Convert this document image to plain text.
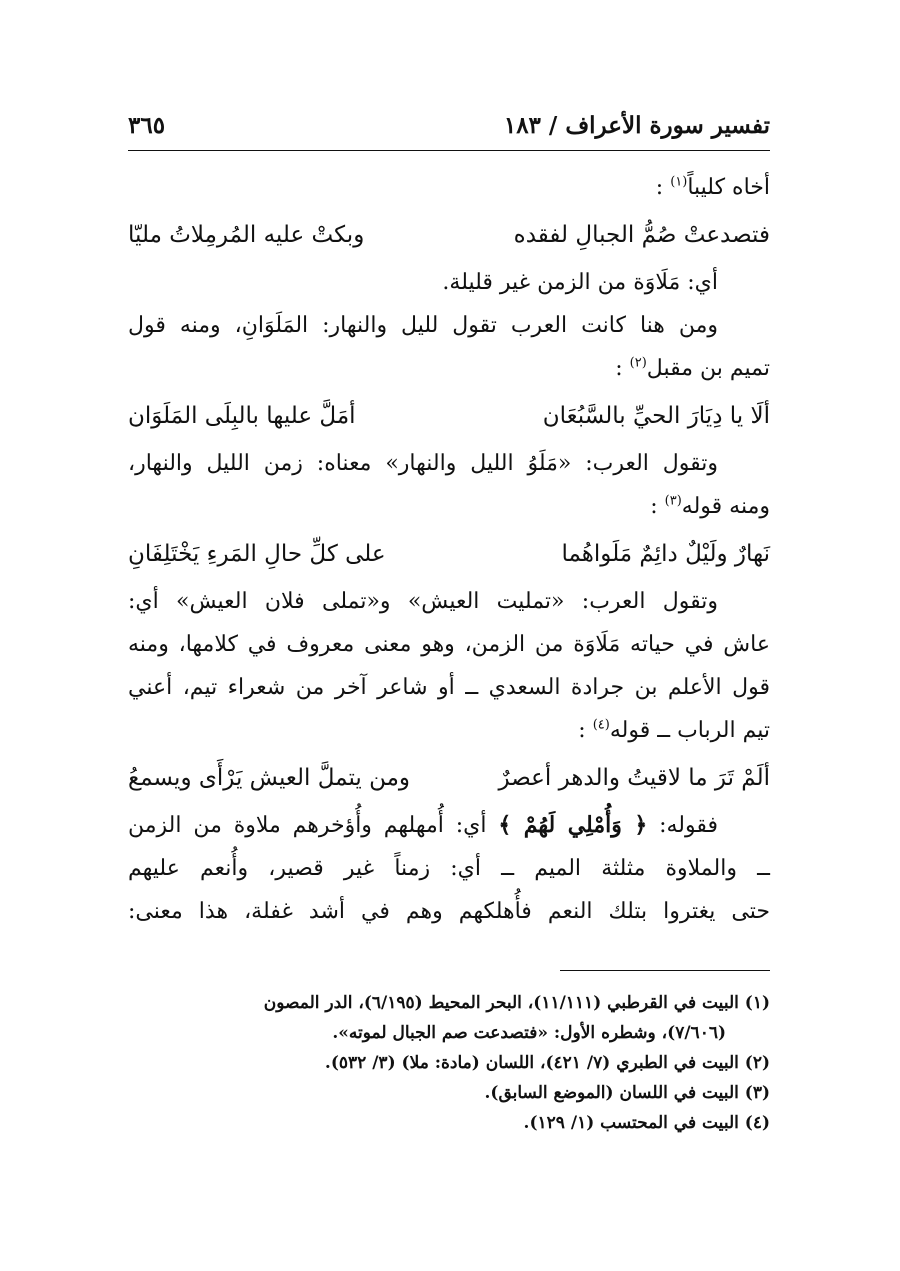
تفسير سورة الأعراف / ١٨٣
٣٦٥
أخاه كليباً$^{(١)}$ :
فتصدعتْ صُمُّ الجبالِ لفقده
وبكتْ عليه المُرمِلاتُ مليّا
أي: مَلَاوَة من الزمن غير قليلة.
ومن هنا كانت العرب تقول لليل والنهار: المَلَوَانِ، ومنه قول
تميم بن مقبل$^{(٢)}$ :
ألَا يا دِيَارَ الحيِّ بالسَّبُعَان
أمَلَّ عليها بالبِلَى المَلَوَان
وتقول العرب: «مَلَوُ الليل والنهار» معناه: زمن الليل والنهار،
ومنه قوله$^{(٣)}$ :
نَهارٌ ولَيْلٌ دائِمٌ مَلَواهُما
على كلِّ حالِ المَرءِ يَخْتَلِفَانِ
وتقول العرب: «تمليت العيش» و«تملى فلان العيش» أي:
عاش في حياته مَلَاوَة من الزمن، وهو معنى معروف في كلامها، ومنه
قول الأعلم بن جرادة السعدي ــ أو شاعر آخر من شعراء تيم، أعني
تيم الرباب ــ قوله$^{(٤)}$ :
ألَمْ تَرَ ما لاقيتُ والدهر أعصرٌ
ومن يتملَّ العيش يَرْأَى ويسمعُ
فقوله: ﴿ وَأُمْلِي لَهُمْ ﴾ أي: أُمهلهم وأُؤخرهم ملاوة من الزمن
ــ والملاوة مثلثة الميم ــ أي: زمناً غير قصير، وأُنعم عليهم
حتى يغتروا بتلك النعم فأُهلكهم وهم في أشد غفلة، هذا معنى:
(١) البيت في القرطبي (١١/١١١)، البحر المحيط (٦/١٩٥)، الدر المصون
(٧/٦٠٦)، وشطره الأول: «فتصدعت صم الجبال لموته».
(٢) البيت في الطبري (٧/ ٤٢١)، اللسان (مادة: ملا) (٣/ ٥٣٢).
(٣) البيت في اللسان (الموضع السابق).
(٤) البيت في المحتسب (١/ ١٢٩).
